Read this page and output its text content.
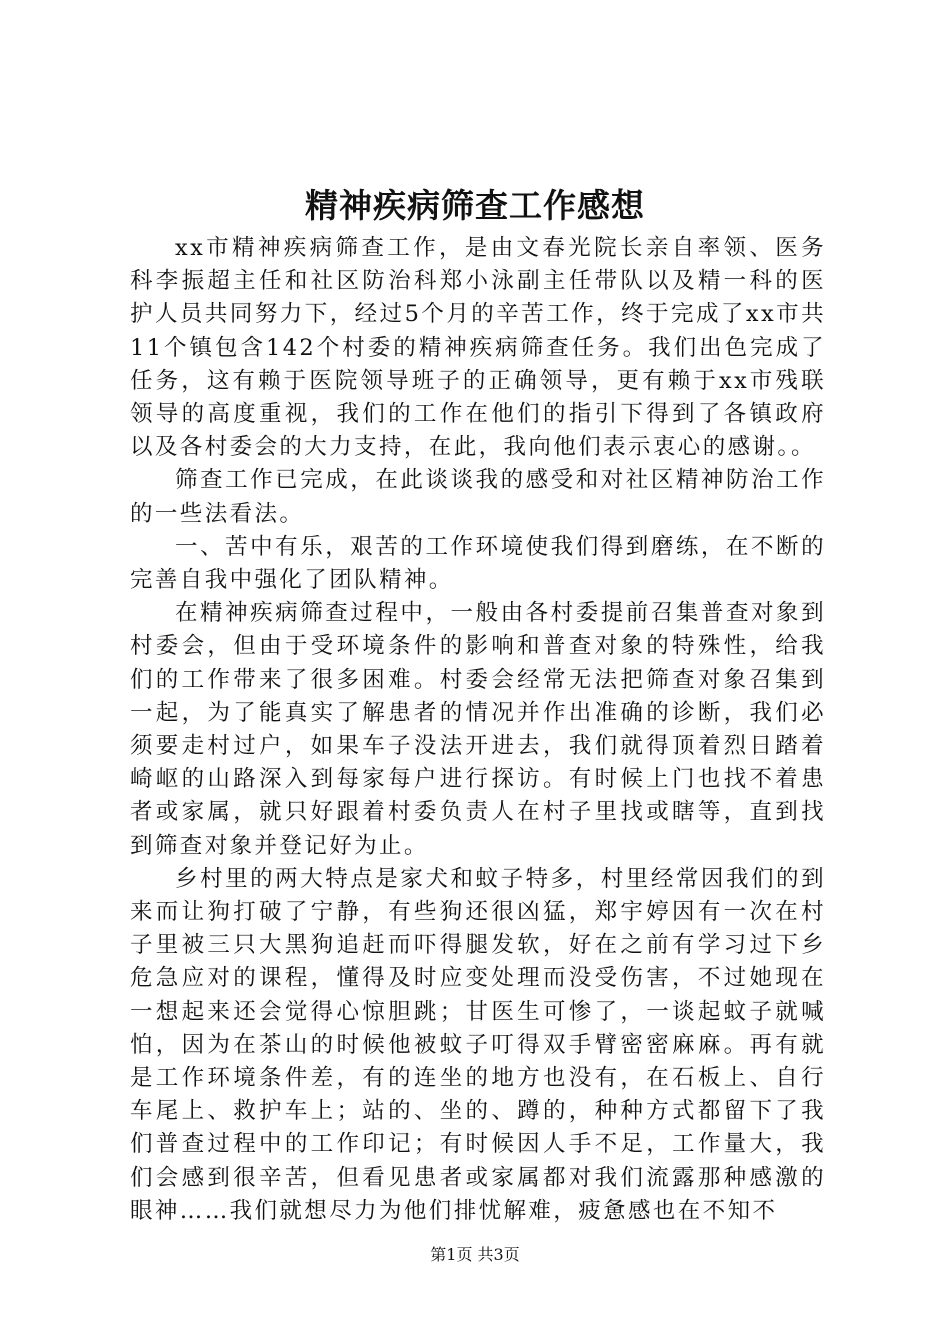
精神疾病筛查工作感想

xx市精神疾病筛查工作，是由文春光院长亲自率领、医务科李振超主任和社区防治科郑小泳副主任带队以及精一科的医护人员共同努力下，经过5个月的辛苦工作，终于完成了xx市共11个镇包含142个村委的精神疾病筛查任务。我们出色完成了任务，这有赖于医院领导班子的正确领导，更有赖于xx市残联领导的高度重视，我们的工作在他们的指引下得到了各镇政府以及各村委会的大力支持，在此，我向他们表示衷心的感谢。。

筛查工作已完成，在此谈谈我的感受和对社区精神防治工作的一些法看法。

一、苦中有乐，艰苦的工作环境使我们得到磨练，在不断的完善自我中强化了团队精神。

在精神疾病筛查过程中，一般由各村委提前召集普查对象到村委会，但由于受环境条件的影响和普查对象的特殊性，给我们的工作带来了很多困难。村委会经常无法把筛查对象召集到一起，为了能真实了解患者的情况并作出准确的诊断，我们必须要走村过户，如果车子没法开进去，我们就得顶着烈日踏着崎岖的山路深入到每家每户进行探访。有时候上门也找不着患者或家属，就只好跟着村委负责人在村子里找或瞎等，直到找到筛查对象并登记好为止。

乡村里的两大特点是家犬和蚊子特多，村里经常因我们的到来而让狗打破了宁静，有些狗还很凶猛，郑宇婷因有一次在村子里被三只大黑狗追赶而吓得腿发软，好在之前有学习过下乡危急应对的课程，懂得及时应变处理而没受伤害，不过她现在一想起来还会觉得心惊胆跳；甘医生可惨了，一谈起蚊子就喊怕，因为在茶山的时候他被蚊子叮得双手臂密密麻麻。再有就是工作环境条件差，有的连坐的地方也没有，在石板上、自行车尾上、救护车上；站的、坐的、蹲的，种种方式都留下了我们普查过程中的工作印记；有时候因人手不足，工作量大，我们会感到很辛苦，但看见患者或家属都对我们流露那种感激的眼神……我们就想尽力为他们排忧解难，疲惫感也在不知不

第1页 共3页
